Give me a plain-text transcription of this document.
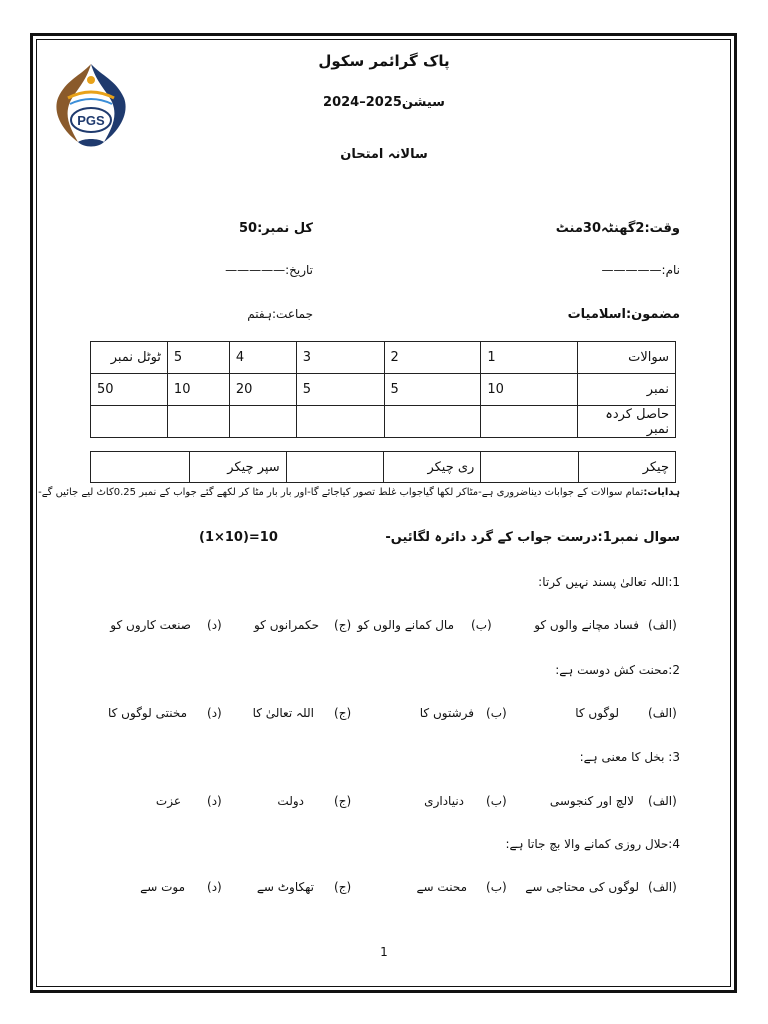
PGS
پاک گرائمر سکول
سیشن2025–2024
سالانہ امتحان
وقت:2گھنٹہ30منٹ
کل نمبر:50
نام:—————
تاریخ:—————
مضمون:اسلامیات
جماعت:ہفتم
سوالات	1	2	3	4	5	ٹوٹل نمبر
نمبر	10	5	5	20	10	50
حاصل کردہ نمبر						
چیکر		ری چیکر		سپر چیکر	
ہدایات:تمام سوالات کے جوابات دیناضروری ہے-مٹاکر لکھا گیاجواب غلط تصور کیاجائے گا-اور بار بار مٹا کر لکھے گئے جواب کے نمبر 0.25کاٹ لیے جائیں گے-
سوال نمبر1:درست جواب کے گرد دائرہ لگائیں-
(1×10)=10
1:اللہ تعالیٰ پسند نہیں کرتا:
(الف)
فساد مچانے والوں کو
(ب)
مال کمانے والوں کو
(ج)
حکمرانوں کو
(د)
صنعت کاروں کو
2:محنت کش دوست ہے:
(الف)
لوگوں کا
(ب)
فرشتوں کا
(ج)
اللہ تعالیٰ کا
(د)
مخنتی لوگوں کا
3: بخل کا معنی ہے:
(الف)
لالچ اور کنجوسی
(ب)
دنیاداری
(ج)
دولت
(د)
عزت
4:حلال روزی کمانے والا بچ جاتا ہے:
(الف)
لوگوں کی محتاجی سے
(ب)
محنت سے
(ج)
تھکاوٹ سے
(د)
موت سے
1
